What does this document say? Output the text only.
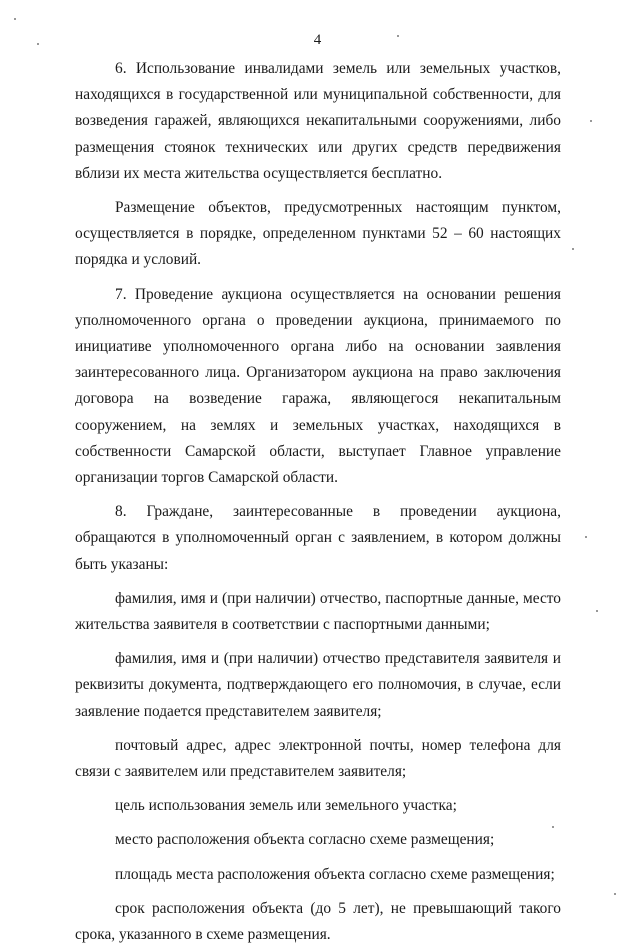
4

6. Использование инвалидами земель или земельных участков, находящихся в государственной или муниципальной собственности, для возведения гаражей, являющихся некапитальными сооружениями, либо размещения стоянок технических или других средств передвижения вблизи их места жительства осуществляется бесплатно.

Размещение объектов, предусмотренных настоящим пунктом, осуществляется в порядке, определенном пунктами 52 – 60 настоящих порядка и условий.

7. Проведение аукциона осуществляется на основании решения уполномоченного органа о проведении аукциона, принимаемого по инициативе уполномоченного органа либо на основании заявления заинтересованного лица. Организатором аукциона на право заключения договора на возведение гаража, являющегося некапитальным сооружением, на землях и земельных участках, находящихся в собственности Самарской области, выступает Главное управление организации торгов Самарской области.

8. Граждане, заинтересованные в проведении аукциона, обращаются в уполномоченный орган с заявлением, в котором должны быть указаны:

фамилия, имя и (при наличии) отчество, паспортные данные, место жительства заявителя в соответствии с паспортными данными;

фамилия, имя и (при наличии) отчество представителя заявителя и реквизиты документа, подтверждающего его полномочия, в случае, если заявление подается представителем заявителя;

почтовый адрес, адрес электронной почты, номер телефона для связи с заявителем или представителем заявителя;

цель использования земель или земельного участка;

место расположения объекта согласно схеме размещения;

площадь места расположения объекта согласно схеме размещения;

срок расположения объекта (до 5 лет), не превышающий такого срока, указанного в схеме размещения.
